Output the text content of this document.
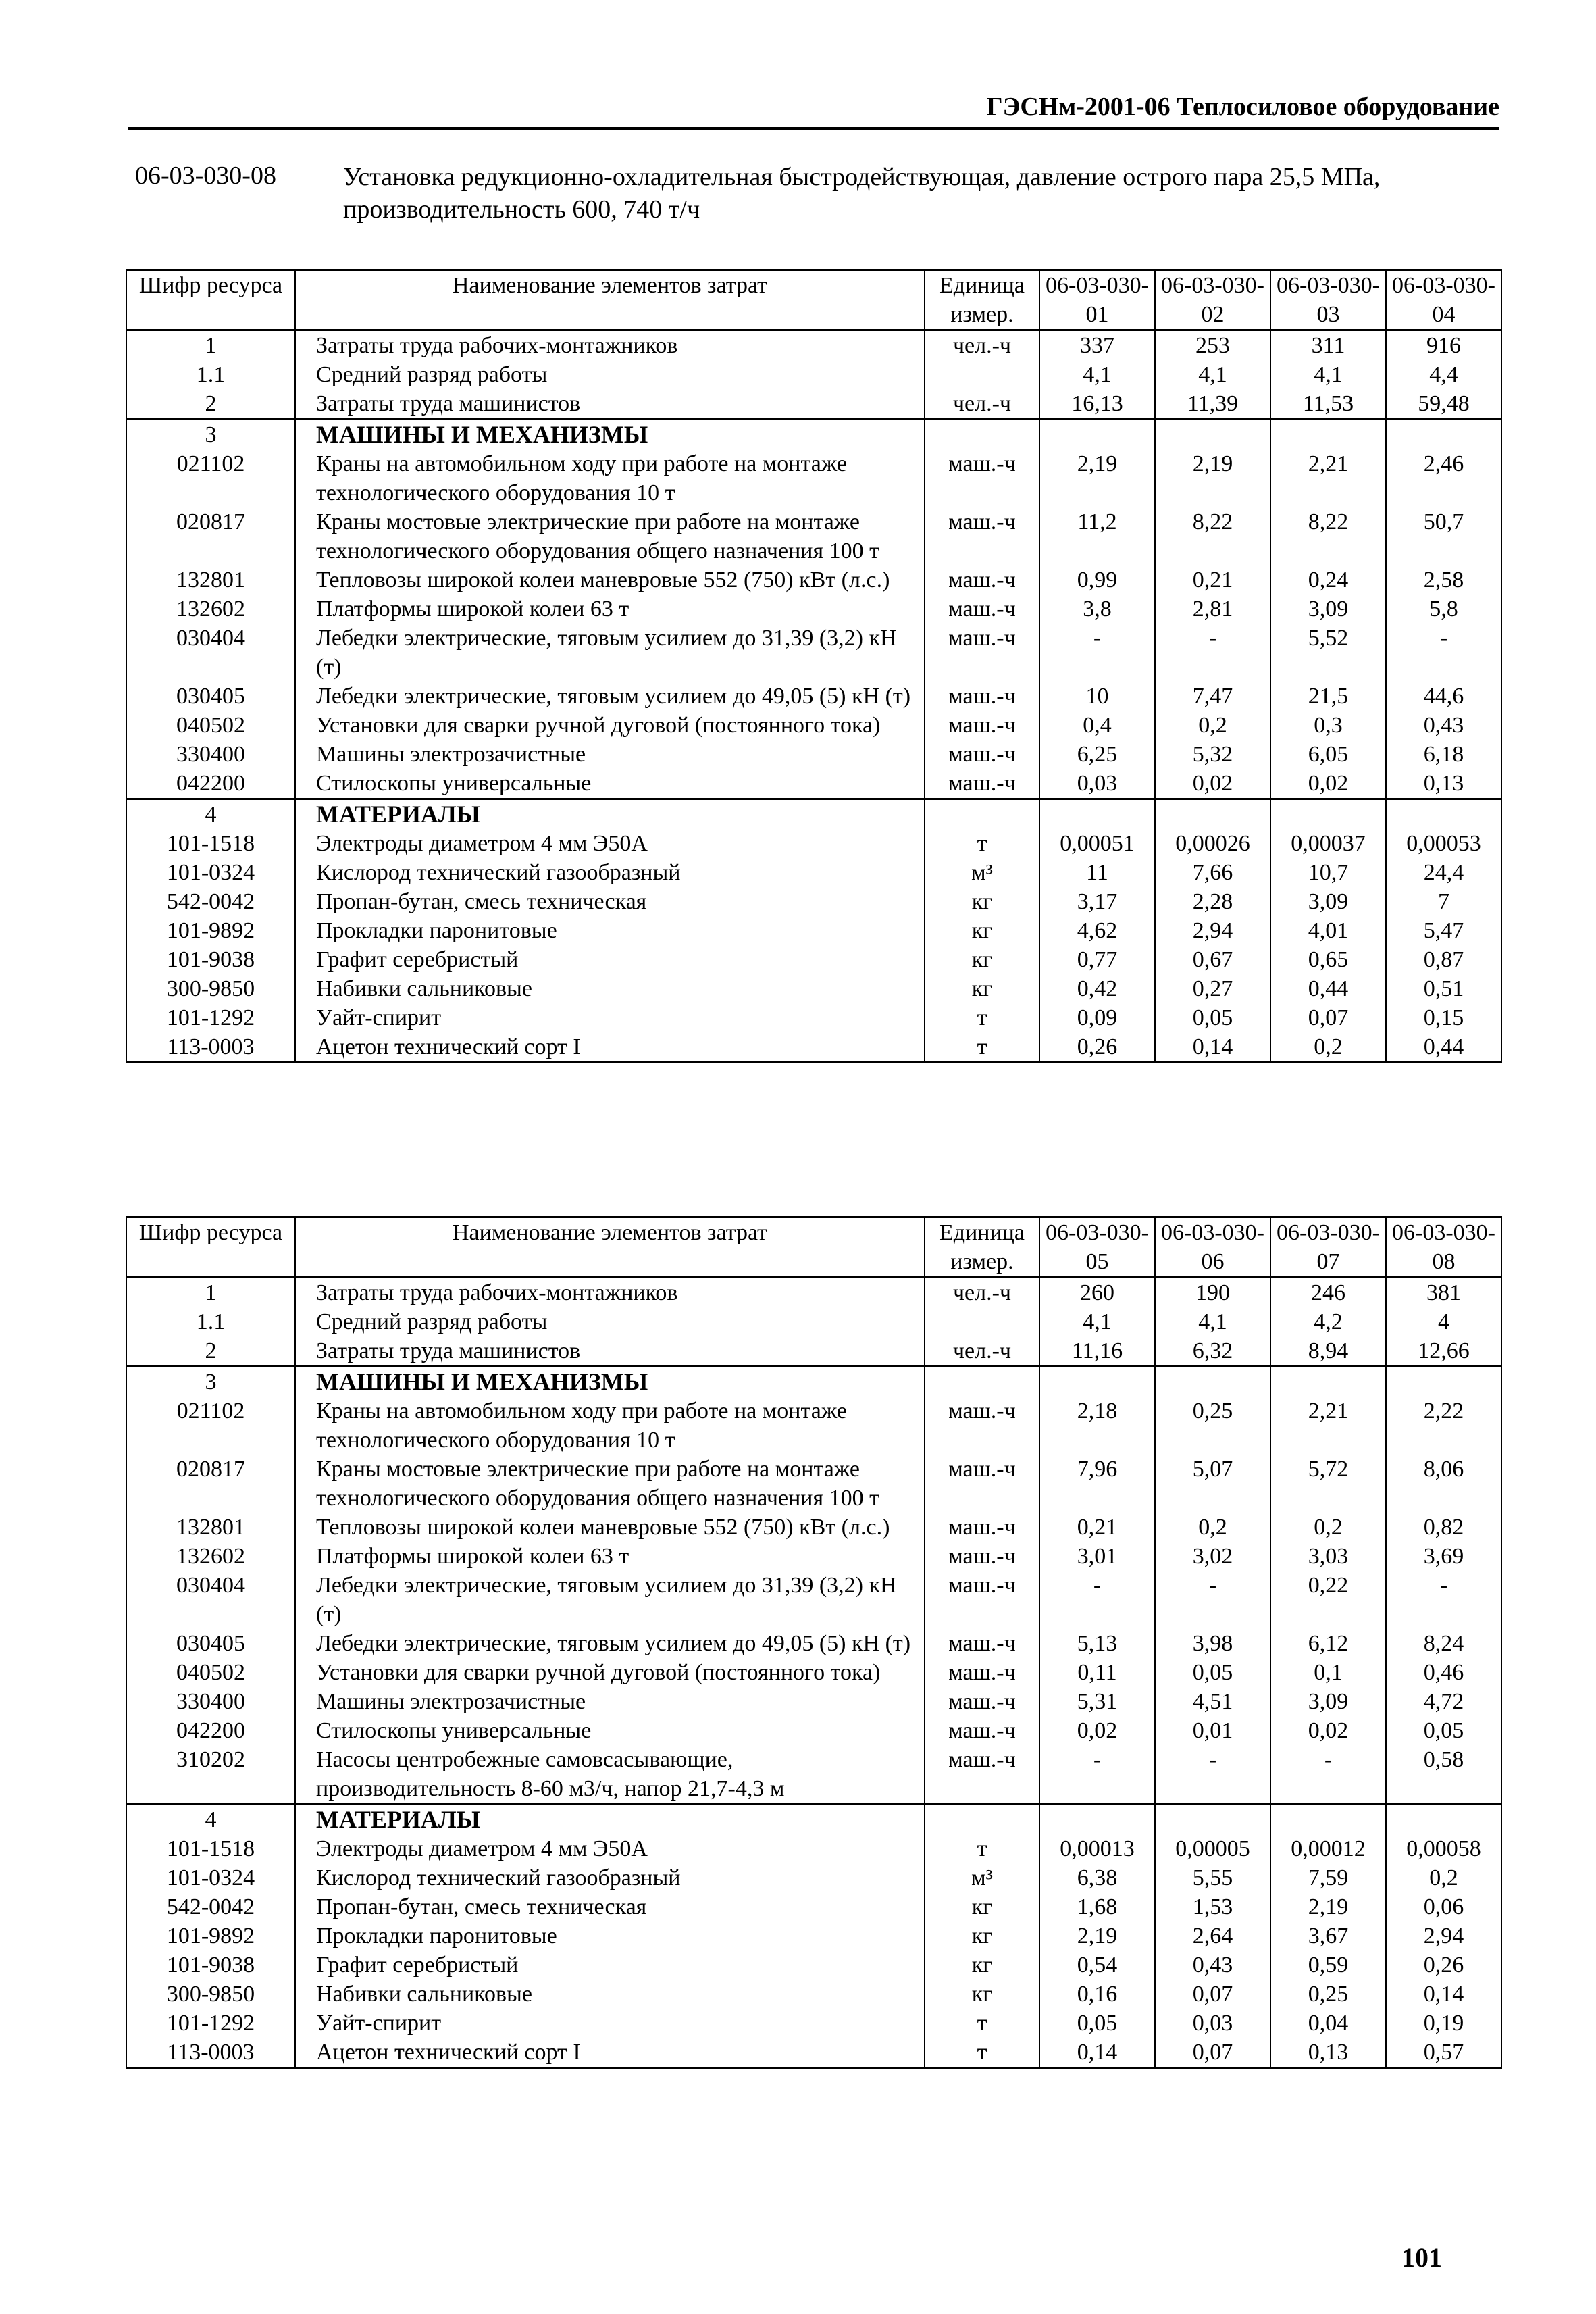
ГЭСНм-2001-06 Теплосиловое оборудование
06-03-030-08	Установка редукционно-охладительная быстродействующая, давление острого пара 25,5 МПа, производительность 600, 740 т/ч
Шифр ресурса	Наименование элементов затрат	Единица измер.	06-03-030-01	06-03-030-02	06-03-030-03	06-03-030-04
1	Затраты труда рабочих-монтажников	чел.-ч	337	253	311	916
1.1	Средний разряд работы		4,1	4,1	4,1	4,4
2	Затраты труда машинистов	чел.-ч	16,13	11,39	11,53	59,48
3	МАШИНЫ И МЕХАНИЗМЫ					
021102	Краны на автомобильном ходу при работе на монтаже технологического оборудования 10 т	маш.-ч	2,19	2,19	2,21	2,46
020817	Краны мостовые электрические при работе на монтаже технологического оборудования общего назначения 100 т	маш.-ч	11,2	8,22	8,22	50,7
132801	Тепловозы широкой колеи маневровые 552 (750) кВт (л.с.)	маш.-ч	0,99	0,21	0,24	2,58
132602	Платформы широкой колеи 63 т	маш.-ч	3,8	2,81	3,09	5,8
030404	Лебедки электрические, тяговым усилием до 31,39 (3,2) кН (т)	маш.-ч	-	-	5,52	-
030405	Лебедки электрические, тяговым усилием до 49,05 (5) кН (т)	маш.-ч	10	7,47	21,5	44,6
040502	Установки для сварки ручной дуговой (постоянного тока)	маш.-ч	0,4	0,2	0,3	0,43
330400	Машины электрозачистные	маш.-ч	6,25	5,32	6,05	6,18
042200	Стилоскопы универсальные	маш.-ч	0,03	0,02	0,02	0,13
4	МАТЕРИАЛЫ					
101-1518	Электроды диаметром 4 мм Э50А	т	0,00051	0,00026	0,00037	0,00053
101-0324	Кислород технический газообразный	м³	11	7,66	10,7	24,4
542-0042	Пропан-бутан, смесь техническая	кг	3,17	2,28	3,09	7
101-9892	Прокладки паронитовые	кг	4,62	2,94	4,01	5,47
101-9038	Графит серебристый	кг	0,77	0,67	0,65	0,87
300-9850	Набивки сальниковые	кг	0,42	0,27	0,44	0,51
101-1292	Уайт-спирит	т	0,09	0,05	0,07	0,15
113-0003	Ацетон технический сорт I	т	0,26	0,14	0,2	0,44
Шифр ресурса	Наименование элементов затрат	Единица измер.	06-03-030-05	06-03-030-06	06-03-030-07	06-03-030-08
1	Затраты труда рабочих-монтажников	чел.-ч	260	190	246	381
1.1	Средний разряд работы		4,1	4,1	4,2	4
2	Затраты труда машинистов	чел.-ч	11,16	6,32	8,94	12,66
3	МАШИНЫ И МЕХАНИЗМЫ					
021102	Краны на автомобильном ходу при работе на монтаже технологического оборудования 10 т	маш.-ч	2,18	0,25	2,21	2,22
020817	Краны мостовые электрические при работе на монтаже технологического оборудования общего назначения 100 т	маш.-ч	7,96	5,07	5,72	8,06
132801	Тепловозы широкой колеи маневровые 552 (750) кВт (л.с.)	маш.-ч	0,21	0,2	0,2	0,82
132602	Платформы широкой колеи 63 т	маш.-ч	3,01	3,02	3,03	3,69
030404	Лебедки электрические, тяговым усилием до 31,39 (3,2) кН (т)	маш.-ч	-	-	0,22	-
030405	Лебедки электрические, тяговым усилием до 49,05 (5) кН (т)	маш.-ч	5,13	3,98	6,12	8,24
040502	Установки для сварки ручной дуговой (постоянного тока)	маш.-ч	0,11	0,05	0,1	0,46
330400	Машины электрозачистные	маш.-ч	5,31	4,51	3,09	4,72
042200	Стилоскопы универсальные	маш.-ч	0,02	0,01	0,02	0,05
310202	Насосы центробежные самовсасывающие, производительность 8-60 м3/ч, напор 21,7-4,3 м	маш.-ч	-	-	-	0,58
4	МАТЕРИАЛЫ					
101-1518	Электроды диаметром 4 мм Э50А	т	0,00013	0,00005	0,00012	0,00058
101-0324	Кислород технический газообразный	м³	6,38	5,55	7,59	0,2
542-0042	Пропан-бутан, смесь техническая	кг	1,68	1,53	2,19	0,06
101-9892	Прокладки паронитовые	кг	2,19	2,64	3,67	2,94
101-9038	Графит серебристый	кг	0,54	0,43	0,59	0,26
300-9850	Набивки сальниковые	кг	0,16	0,07	0,25	0,14
101-1292	Уайт-спирит	т	0,05	0,03	0,04	0,19
113-0003	Ацетон технический сорт I	т	0,14	0,07	0,13	0,57
101
